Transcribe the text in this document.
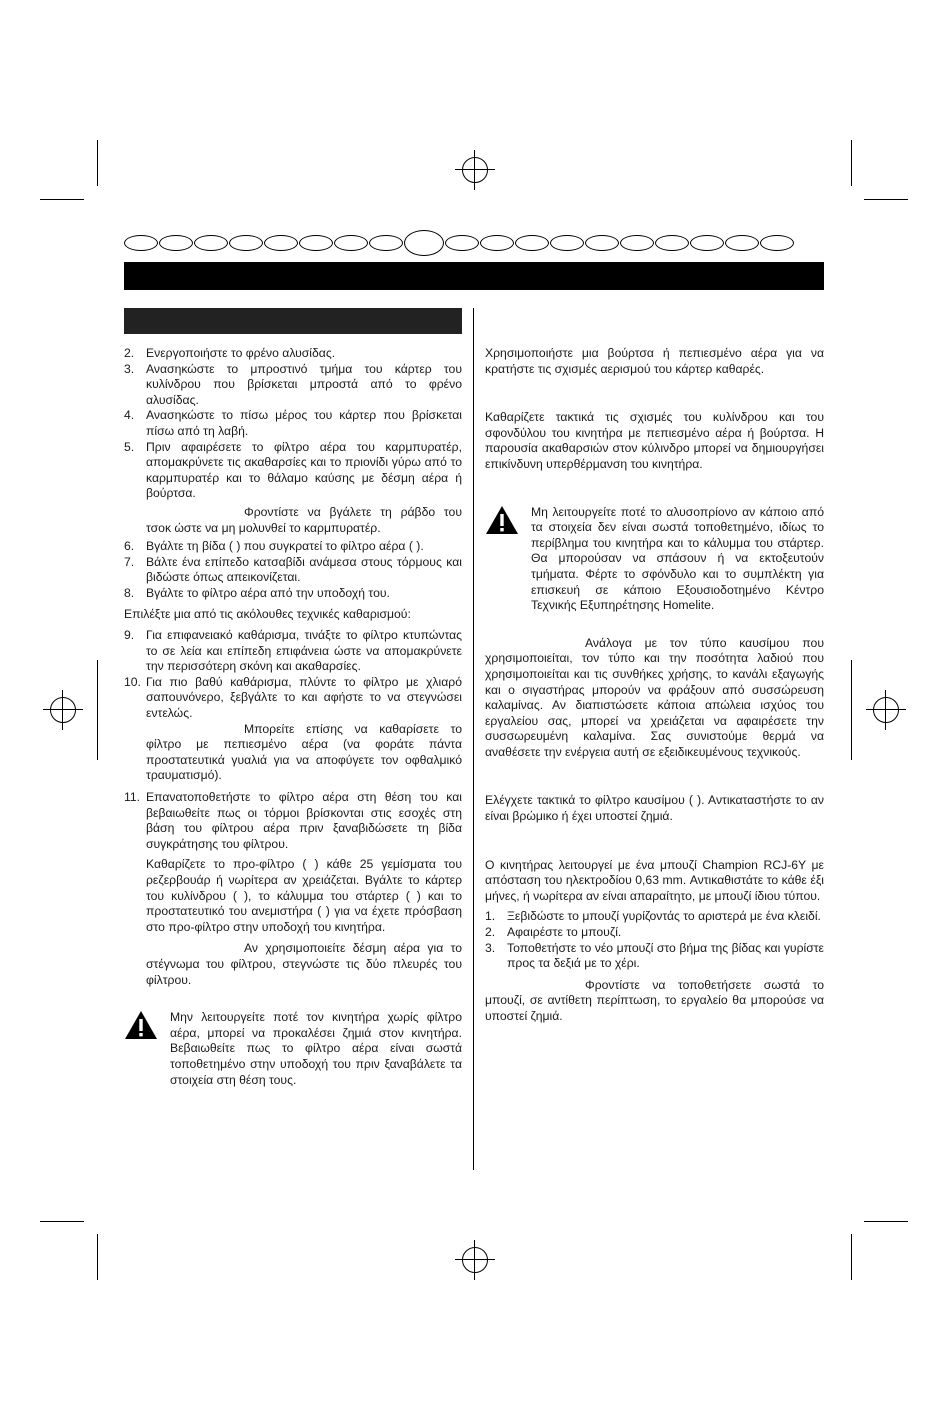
2. Ενεργοποιήστε το φρένο αλυσίδας.
3. Ανασηκώστε το μπροστινό τμήμα του κάρτερ του κυλίνδρου που βρίσκεται μπροστά από το φρένο αλυσίδας.
4. Ανασηκώστε το πίσω μέρος του κάρτερ που βρίσκεται πίσω από τη λαβή.
5. Πριν αφαιρέσετε το φίλτρο αέρα του καρμπυρατέρ, απομακρύνετε τις ακαθαρσίες και το πριονίδι γύρω από το καρμπυρατέρ και το θάλαμο καύσης με δέσμη αέρα ή βούρτσα.

Φροντίστε να βγάλετε τη ράβδο του τσοκ ώστε να μη μολυνθεί το καρμπυρατέρ.

6. Βγάλτε τη βίδα ( ) που συγκρατεί το φίλτρο αέρα ( ).
7. Βάλτε ένα επίπεδο κατσαβίδι ανάμεσα στους τόρμους και βιδώστε όπως απεικονίζεται.
8. Βγάλτε το φίλτρο αέρα από την υποδοχή του.

Επιλέξτε μια από τις ακόλουθες τεχνικές καθαρισμού:

9. Για επιφανειακό καθάρισμα, τινάξτε το φίλτρο κτυπώντας το σε λεία και επίπεδη επιφάνεια ώστε να απομακρύνετε την περισσότερη σκόνη και ακαθαρσίες.
10. Για πιο βαθύ καθάρισμα, πλύντε το φίλτρο με χλιαρό σαπουνόνερο, ξεβγάλτε το και αφήστε το να στεγνώσει εντελώς.

Μπορείτε επίσης να καθαρίσετε το φίλτρο με πεπιεσμένο αέρα (να φοράτε πάντα προστατευτικά γυαλιά για να αποφύγετε τον οφθαλμικό τραυματισμό).

11. Επανατοποθετήστε το φίλτρο αέρα στη θέση του και βεβαιωθείτε πως οι τόρμοι βρίσκονται στις εσοχές στη βάση του φίλτρου αέρα πριν ξαναβιδώσετε τη βίδα συγκράτησης του φίλτρου.

Καθαρίζετε το προ-φίλτρο ( ) κάθε 25 γεμίσματα του ρεζερβουάρ ή νωρίτερα αν χρειάζεται. Βγάλτε το κάρτερ του κυλίνδρου ( ), το κάλυμμα του στάρτερ ( ) και το προστατευτικό του ανεμιστήρα ( ) για να έχετε πρόσβαση στο προ-φίλτρο στην υποδοχή του κινητήρα.

Αν χρησιμοποιείτε δέσμη αέρα για το στέγνωμα του φίλτρου, στεγνώστε τις δύο πλευρές του φίλτρου.

Μην λειτουργείτε ποτέ τον κινητήρα χωρίς φίλτρο αέρα, μπορεί να προκαλέσει ζημιά στον κινητήρα. Βεβαιωθείτε πως το φίλτρο αέρα είναι σωστά τοποθετημένο στην υποδοχή του πριν ξαναβάλετε τα στοιχεία στη θέση τους.

Χρησιμοποιήστε μια βούρτσα ή πεπιεσμένο αέρα για να κρατήστε τις σχισμές αερισμού του κάρτερ καθαρές.

Καθαρίζετε τακτικά τις σχισμές του κυλίνδρου και του σφονδύλου του κινητήρα με πεπιεσμένο αέρα ή βούρτσα. Η παρουσία ακαθαρσιών στον κύλινδρο μπορεί να δημιουργήσει επικίνδυνη υπερθέρμανση του κινητήρα.

Μη λειτουργείτε ποτέ το αλυσοπρίονο αν κάποιο από τα στοιχεία δεν είναι σωστά τοποθετημένο, ιδίως το περίβλημα του κινητήρα και το κάλυμμα του στάρτερ. Θα μπορούσαν να σπάσουν ή να εκτοξευτούν τμήματα. Φέρτε το σφόνδυλο και το συμπλέκτη για επισκευή σε κάποιο Εξουσιοδοτημένο Κέντρο Τεχνικής Εξυπηρέτησης Homelite.

Ανάλογα με τον τύπο καυσίμου που χρησιμοποιείται, τον τύπο και την ποσότητα λαδιού που χρησιμοποιείται και τις συνθήκες χρήσης, το κανάλι εξαγωγής και ο σιγαστήρας μπορούν να φράξουν από συσσώρευση καλαμίνας. Αν διαπιστώσετε κάποια απώλεια ισχύος του εργαλείου σας, μπορεί να χρειάζεται να αφαιρέσετε την συσσωρευμένη καλαμίνα. Σας συνιστούμε θερμά να αναθέσετε την ενέργεια αυτή σε εξειδικευμένους τεχνικούς.

Ελέγχετε τακτικά το φίλτρο καυσίμου ( ). Αντικαταστήστε το αν είναι βρώμικο ή έχει υποστεί ζημιά.

Ο κινητήρας λειτουργεί με ένα μπουζί Champion RCJ-6Y με απόσταση του ηλεκτροδίου 0,63 mm. Αντικαθιστάτε το κάθε έξι μήνες, ή νωρίτερα αν είναι απαραίτητο, με μπουζί ίδιου τύπου.

1. Ξεβιδώστε το μπουζί γυρίζοντάς το αριστερά με ένα κλειδί.
2. Αφαιρέστε το μπουζί.
3. Τοποθετήστε το νέο μπουζί στο βήμα της βίδας και γυρίστε προς τα δεξιά με το χέρι.

Φροντίστε να τοποθετήσετε σωστά το μπουζί, σε αντίθετη περίπτωση, το εργαλείο θα μπορούσε να υποστεί ζημιά.
